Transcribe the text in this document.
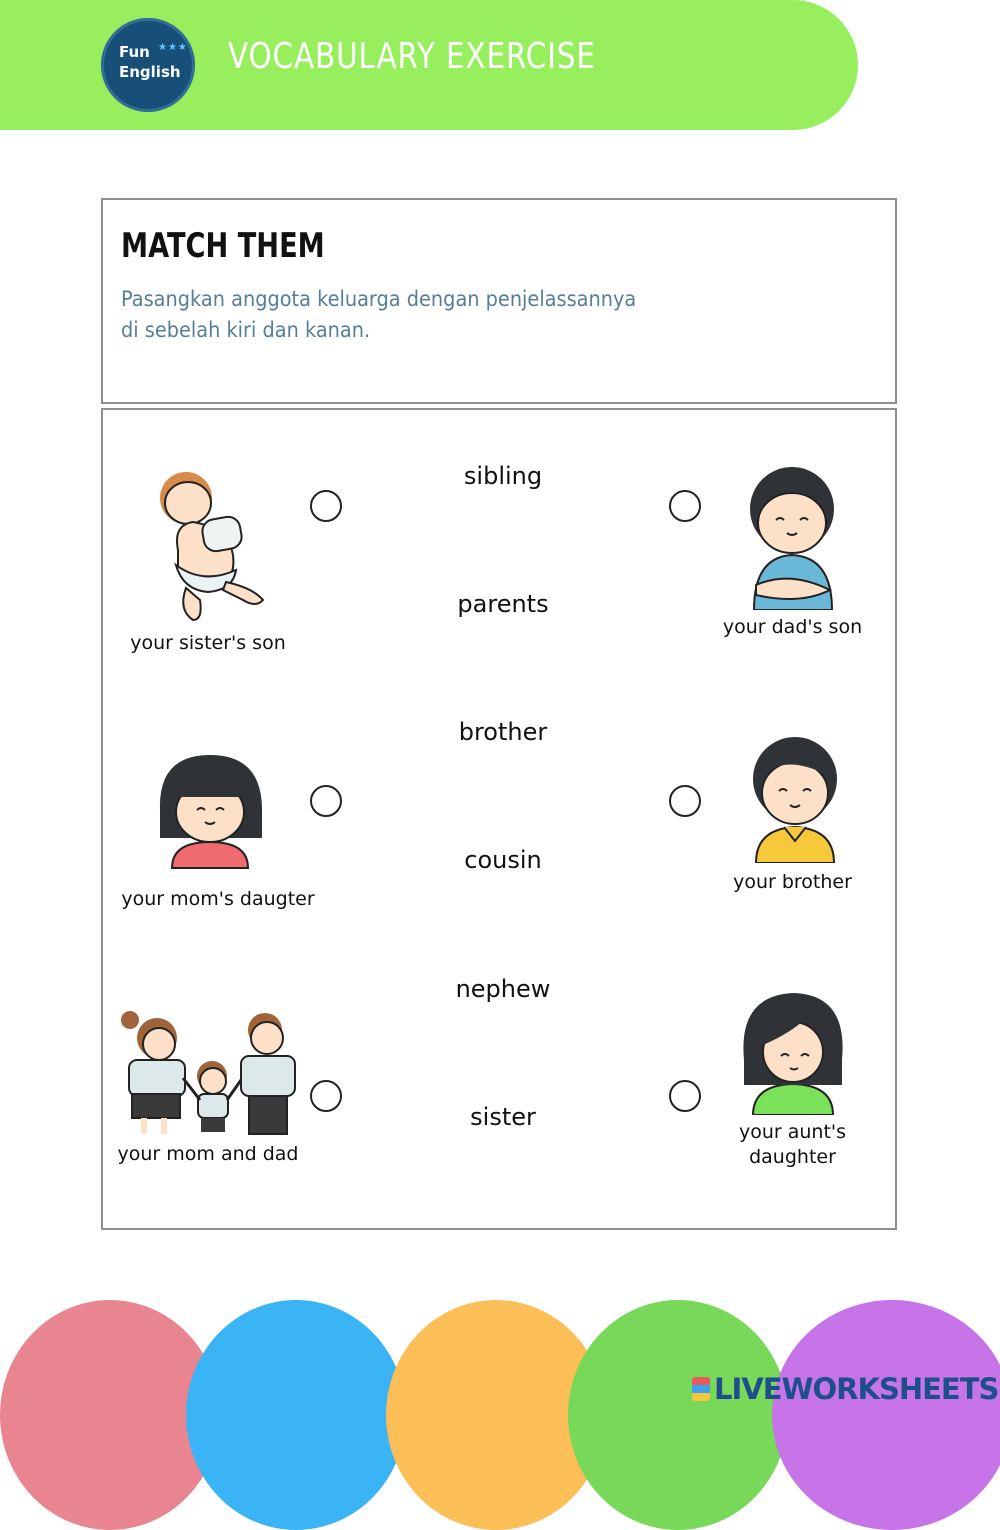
Fun ★★★
English VOCABULARY EXERCISE
MATCH THEM
Pasangkan anggota keluarga dengan penjelassannya
di sebelah kiri dan kanan.
sibling
parents
brother
cousin
nephew
sister
your sister's son
your mom's daugter
your mom and dad
your dad's son
your brother
your aunt's
daughter
LIVEWORKSHEETS
